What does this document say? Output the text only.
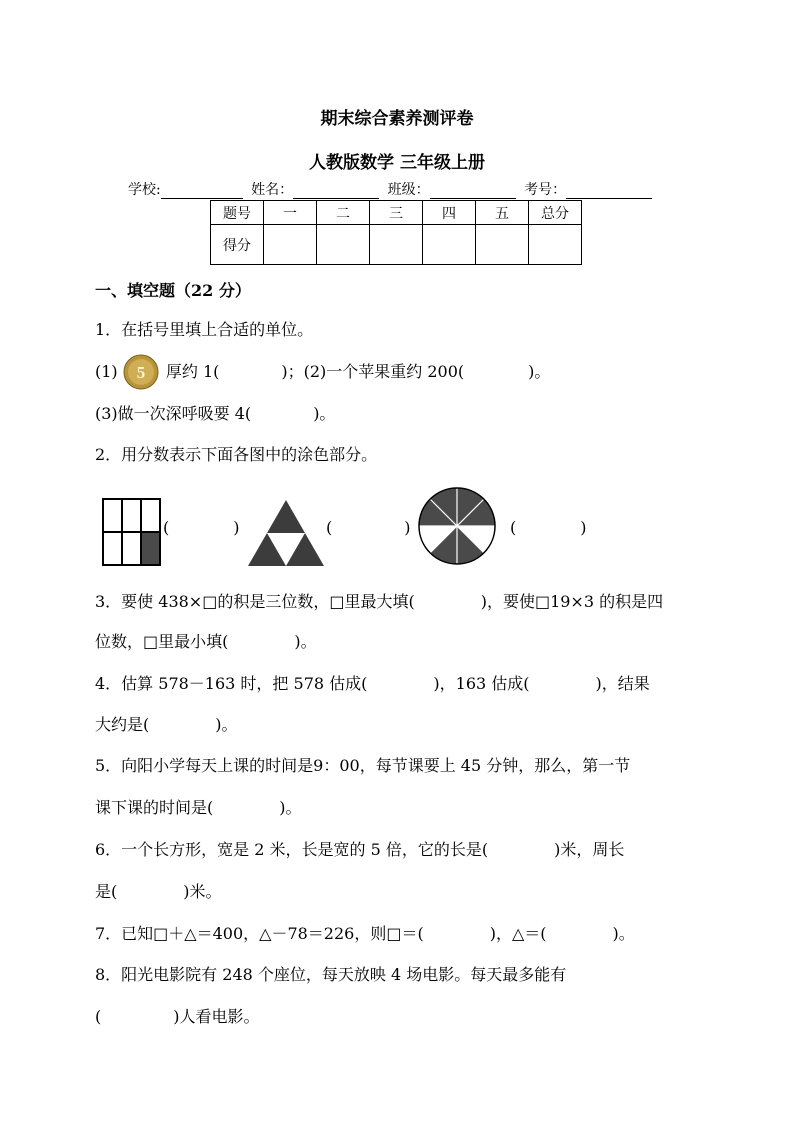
期末综合素养测评卷
人教版数学 三年级上册
学校:	姓名：	班级：	考号：
题号	一	二	三	四	五	总分
得分						
一、填空题（22 分）
1．在括号里填上合适的单位。
(1) 5 厚约 1(	)；(2)一个苹果重约 200(	)。
(3)做一次深呼吸要 4(	)。
2．用分数表示下面各图中的涂色部分。
(	)	(	)	(	)
3．要使 438×□的积是三位数，□里最大填(	)，要使□19×3 的积是四
位数，□里最小填(	)。
4．估算 578－163 时，把 578 估成(	)，163 估成(	)，结果
大约是(	)。
5．向阳小学每天上课的时间是9：00，每节课要上 45 分钟，那么，第一节
课下课的时间是(	)。
6．一个长方形，宽是 2 米，长是宽的 5 倍，它的长是(	)米，周长
是(	)米。
7．已知□＋△＝400，△－78＝226，则□＝(	)，△＝(	)。
8．阳光电影院有 248 个座位，每天放映 4 场电影。每天最多能有
(	)人看电影。
